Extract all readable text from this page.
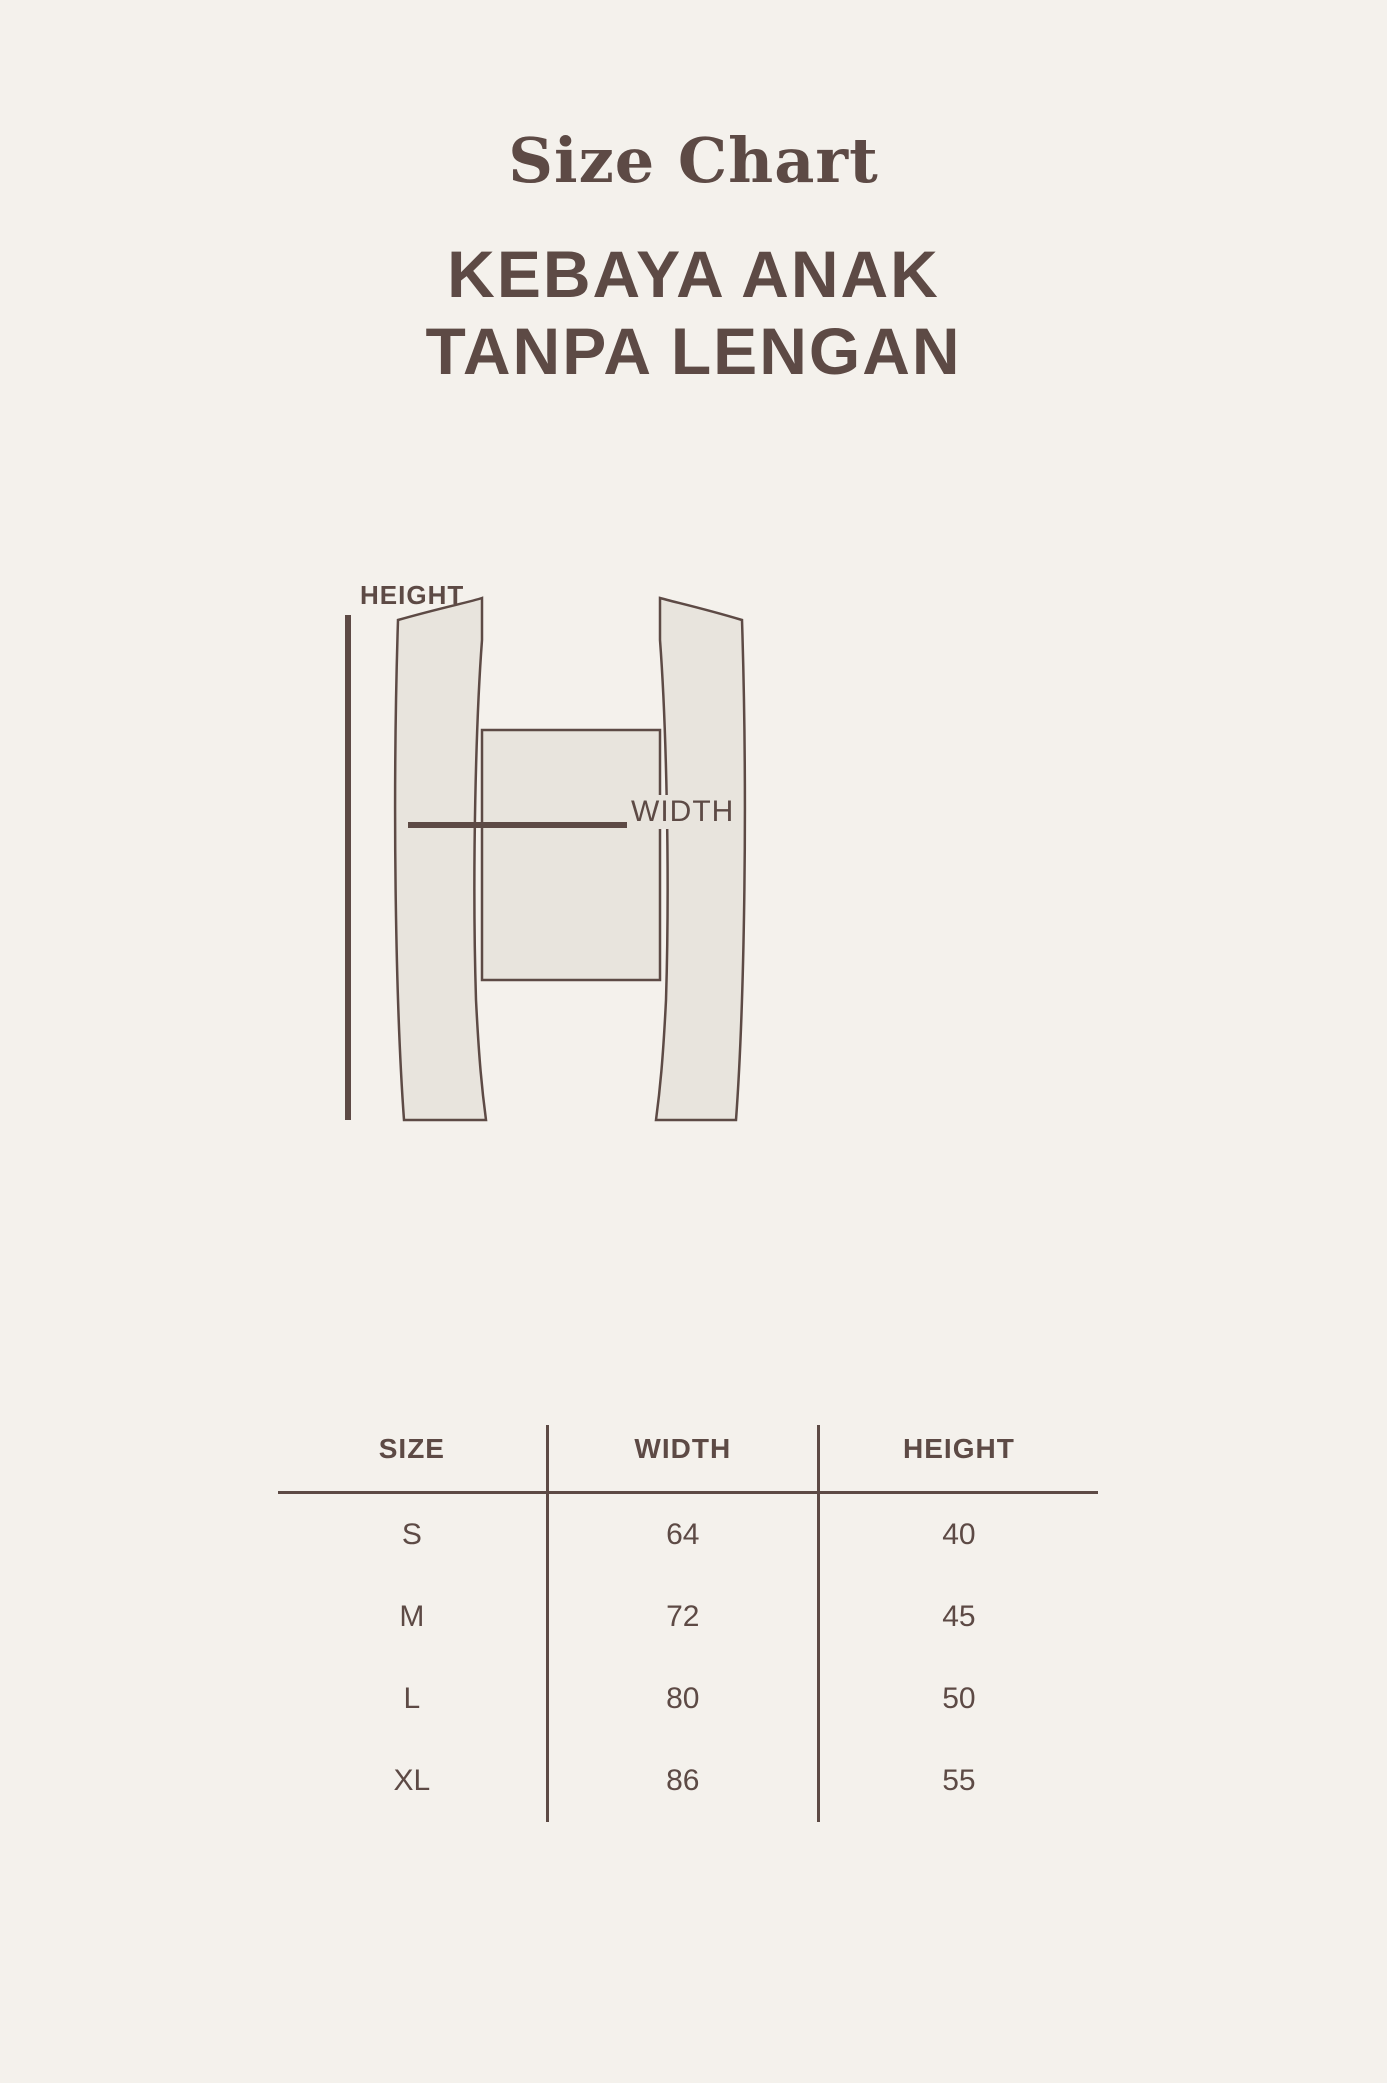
Size Chart
KEBAYA ANAK
TANPA LENGAN
HEIGHT
WIDTH
SIZE	WIDTH	HEIGHT
S	64	40
M	72	45
L	80	50
XL	86	55
